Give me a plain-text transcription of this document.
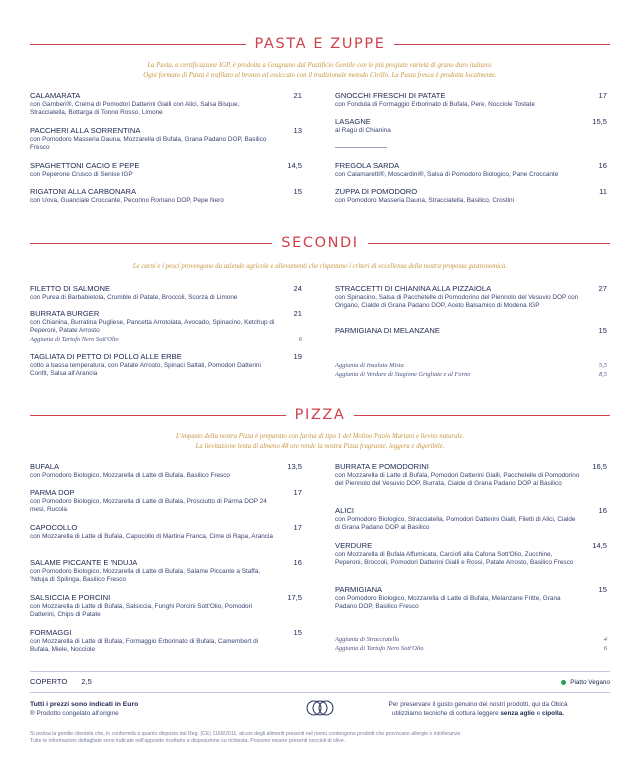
PASTA E ZUPPE
La Pasta, a certificazione IGP, è prodotta a Gragnano dal Pastificio Gentile con le più pregiate varietà di grano duro italiano.
Ogni formato di Pasta è trafilato al bronzo ed essiccato con il tradizionale metodo Cirillo. La Pasta fresca è prodotta localmente.
CALAMARATA	21
con Gamberi®, Crema di Pomodori Datterini Gialli con Alici, Salsa Bisque, Stracciatella, Bottarga di Tonno Rosso, Limone
PACCHERI ALLA SORRENTINA	13
con Pomodoro Masseria Dauna, Mozzarella di Bufala, Grana Padano DOP, Basilico Fresco
SPAGHETTONI CACIO E PEPE	14,5
con Peperone Crusco di Senise IGP
RIGATONI ALLA CARBONARA	15
con Uova, Guanciale Croccante, Pecorino Romano DOP, Pepe Nero
GNOCCHI FRESCHI DI PATATE	17
con Fonduta di Formaggio Erborinato di Bufala, Pere, Nocciole Tostate
LASAGNE	15,5
al Ragù di Chianina
FREGOLA SARDA	16
con Calamaretti®, Moscardini®, Salsa di Pomodoro Biologico, Pane Croccante
ZUPPA DI POMODORO	11
con Pomodoro Masseria Dauna, Stracciatella, Basilico, Crostini
SECONDI
Le carni e i pesci provengono da aziende agricole e allevamenti che rispettano i criteri di eccellenza della nostra proposta gastronomica.
FILETTO DI SALMONE	24
con Purea di Barbabietola, Crumble di Patate, Broccoli, Scorza di Limone
BURRATA BURGER	21
con Chianina, Burratina Pugliese, Pancetta Arrotolata, Avocado, Spinacino, Ketchup di Peperoni, Patate Arrosto
Aggiunta di Tartufo Nero Sott'Olio	6
TAGLIATA DI PETTO DI POLLO ALLE ERBE	19
cotto a bassa temperatura, con Patate Arrosto, Spinaci Saltati, Pomodori Datterini Confit, Salsa all'Arancia
STRACCETTI DI CHIANINA ALLA PIZZAIOLA	27
con Spinacino, Salsa di Pacchetelle di Pomodorino del Piennolo del Vesuvio DOP con Origano, Cialde di Grana Padano DOP, Aceto Balsamico di Modena IGP
PARMIGIANA DI MELANZANE	15
Aggiunta di Insalata Mista	5,5
Aggiunta di Verdure di Stagione Grigliate e al Forno	8,5
PIZZA
L'impasto della nostra Pizza è preparato con farina di tipo 1 del Molino Paolo Mariani e lievito naturale.
La lievitazione lenta di almeno 48 ore rende la nostra Pizza fragrante, leggera e digeribile.
BUFALA	13,5
con Pomodoro Biologico, Mozzarella di Latte di Bufala, Basilico Fresco
PARMA DOP	17
con Pomodoro Biologico, Mozzarella di Latte di Bufala, Prosciutto di Parma DOP 24 mesi, Rucola
CAPOCOLLO	17
con Mozzarella di Latte di Bufala, Capocollo di Martina Franca, Cime di Rapa, Arancia
SALAME PICCANTE E 'NDUJA	16
con Pomodoro Biologico, Mozzarella di Latte di Bufala, Salame Piccante a Staffa, 'Nduja di Spilinga, Basilico Fresco
SALSICCIA E PORCINI	17,5
con Mozzarella di Latte di Bufala, Salsiccia, Funghi Porcini Sott'Olio, Pomodori Datterini, Chips di Patate
FORMAGGI	15
con Mozzarella di Latte di Bufala, Formaggio Erborinato di Bufala, Camembert di Bufala, Miele, Nocciole
BURRATA E POMODORINI	16,5
con Mozzarella di Latte di Bufala, Pomodori Datterini Gialli, Pacchetelle di Pomodorino del Piennolo del Vesuvio DOP, Burrata, Cialde di Grana Padano DOP al Basilico
ALICI	16
con Pomodoro Biologico, Stracciatella, Pomodori Datterini Gialli, Filetti di Alici, Cialde di Grana Padano DOP al Basilico
VERDURE	14,5
con Mozzarella di Bufala Affumicata, Carciofi alla Cafona Sott'Olio, Zucchine, Peperoni, Broccoli, Pomodori Datterini Gialli e Rossi, Patate Arrosto, Basilico Fresco
PARMIGIANA	15
con Pomodoro Biologico, Mozzarella di Latte di Bufala, Melanzane Fritte, Grana Padano DOP, Basilico Fresco
Aggiunta di Stracciatella	4
Aggiunta di Tartufo Nero Sott'Olio	6
COPERTO 2,5	Piatto Vegano
Tutti i prezzi sono indicati in Euro
® Prodotto congelato all'origine
Per preservare il gusto genuino dei nostri prodotti, qui da Obicà
utilizziamo tecniche di cottura leggere senza aglio e cipolla.
Si avvisa la gentile clientela che, in conformità a quanto disposto dal Reg. (CE) 1169/2011, alcuni degli alimenti presenti nel menù contengono prodotti che provocano allergie o intolleranze.
Tutte le informazioni dettagliate sono indicate nell'apposito ricettario a disposizione su richiesta. Possono essere presenti noccioli di olive.
